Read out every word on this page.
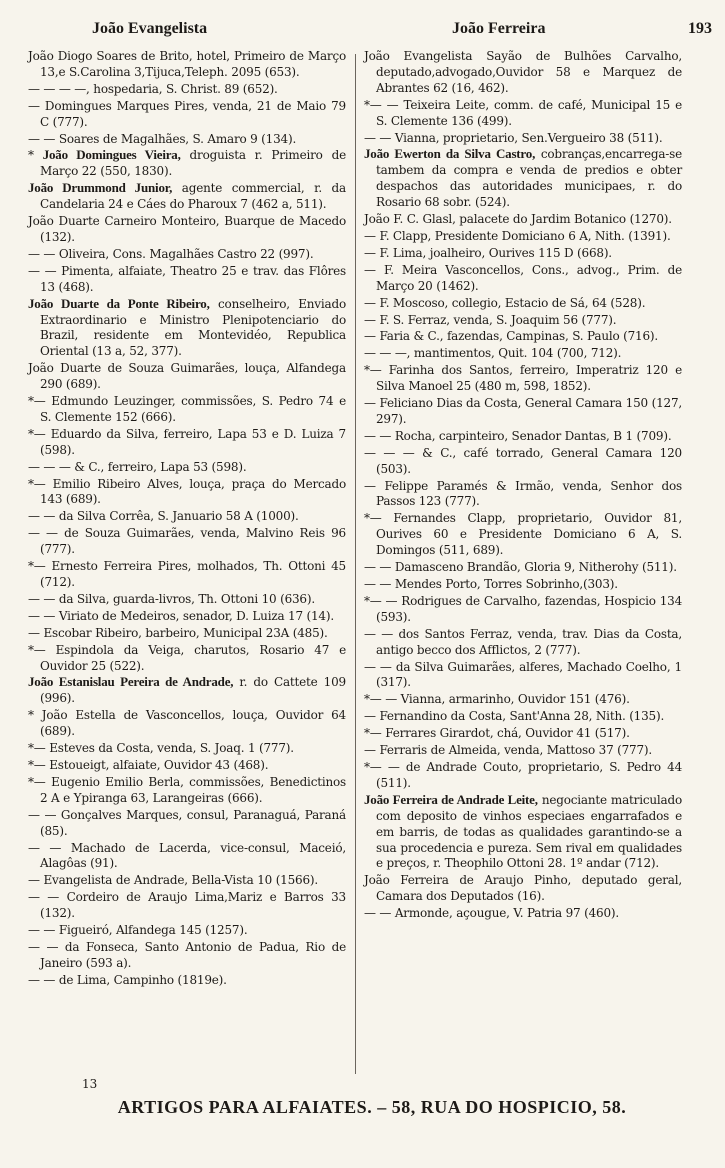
João Evangelista	João Ferreira	193

João Diogo Soares de Brito, hotel, Primeiro de Março 13,e S.Carolina 3,Tijuca,Teleph. 2095 (653).

— — — —, hospedaria, S. Christ. 89 (652).

— Domingues Marques Pires, venda, 21 de Maio 79 C (777).

— — Soares de Magalhães, S. Amaro 9 (134).

* João Domingues Vieira, droguista r. Primeiro de Março 22 (550, 1830).

João Drummond Junior, agente commercial, r. da Candelaria 24 e Cáes do Pharoux 7 (462 a, 511).

João Duarte Carneiro Monteiro, Buarque de Macedo (132).

— — Oliveira, Cons. Magalhães Castro 22 (997).

— — Pimenta, alfaiate, Theatro 25 e trav. das Flôres 13 (468).

João Duarte da Ponte Ribeiro, conselheiro, Enviado Extraordinario e Ministro Plenipotenciario do Brazil, residente em Montevidéo, Republica Oriental (13 a, 52, 377).

João Duarte de Souza Guimarães, louça, Alfandega 290 (689).

*— Edmundo Leuzinger, commissões, S. Pedro 74 e S. Clemente 152 (666).

*— Eduardo da Silva, ferreiro, Lapa 53 e D. Luiza 7 (598).

— — — & C., ferreiro, Lapa 53 (598).

*— Emilio Ribeiro Alves, louça, praça do Mercado 143 (689).

— — da Silva Corrêa, S. Januario 58 A (1000).

— — de Souza Guimarães, venda, Malvino Reis 96 (777).

*— Ernesto Ferreira Pires, molhados, Th. Ottoni 45 (712).

— — da Silva, guarda-livros, Th. Ottoni 10 (636).

— — Viriato de Medeiros, senador, D. Luiza 17 (14).

— Escobar Ribeiro, barbeiro, Municipal 23A (485).

*— Espindola da Veiga, charutos, Rosario 47 e Ouvidor 25 (522).

João Estanislau Pereira de Andrade, r. do Cattete 109 (996).

* João Estella de Vasconcellos, louça, Ouvidor 64 (689).

*— Esteves da Costa, venda, S. Joaq. 1 (777).

*— Estoueigt, alfaiate, Ouvidor 43 (468).

*— Eugenio Emilio Berla, commissões, Benedictinos 2 A e Ypiranga 63, Larangeiras (666).

— — Gonçalves Marques, consul, Paranaguá, Paraná (85).

— — Machado de Lacerda, vice-consul, Maceió, Alagôas (91).

— Evangelista de Andrade, Bella-Vista 10 (1566).

— — Cordeiro de Araujo Lima,Mariz e Barros 33 (132).

— — Figueiró, Alfandega 145 (1257).

— — da Fonseca, Santo Antonio de Padua, Rio de Janeiro (593 a).

— — de Lima, Campinho (1819e).

João Evangelista Sayão de Bulhões Carvalho, deputado,advogado,Ouvidor 58 e Marquez de Abrantes 62 (16, 462).

*— — Teixeira Leite, comm. de café, Municipal 15 e S. Clemente 136 (499).

— — Vianna, proprietario, Sen.Vergueiro 38 (511).

João Ewerton da Silva Castro, cobranças,encarrega-se tambem da compra e venda de predios e obter despachos das autoridades municipaes, r. do Rosario 68 sobr. (524).

João F. C. Glasl, palacete do Jardim Botanico (1270).

— F. Clapp, Presidente Domiciano 6 A, Nith. (1391).

— F. Lima, joalheiro, Ourives 115 D (668).

— F. Meira Vasconcellos, Cons., advog., Prim. de Março 20 (1462).

— F. Moscoso, collegio, Estacio de Sá, 64 (528).

— F. S. Ferraz, venda, S. Joaquim 56 (777).

— Faria & C., fazendas, Campinas, S. Paulo (716).

— — —, mantimentos, Quit. 104 (700, 712).

*— Farinha dos Santos, ferreiro, Imperatriz 120 e Silva Manoel 25 (480 m, 598, 1852).

— Feliciano Dias da Costa, General Camara 150 (127, 297).

— — Rocha, carpinteiro, Senador Dantas, B 1 (709).

— — — & C., café torrado, General Camara 120 (503).

— Felippe Paramés & Irmão, venda, Senhor dos Passos 123 (777).

*— Fernandes Clapp, proprietario, Ouvidor 81, Ourives 60 e Presidente Domiciano 6 A, S. Domingos (511, 689).

— — Damasceno Brandão, Gloria 9, Nitherohy (511).

— — Mendes Porto, Torres Sobrinho,(303).

*— — Rodrigues de Carvalho, fazendas, Hospicio 134 (593).

— — dos Santos Ferraz, venda, trav. Dias da Costa, antigo becco dos Afflictos, 2 (777).

— — da Silva Guimarães, alferes, Machado Coelho, 1 (317).

*— — Vianna, armarinho, Ouvidor 151 (476).

— Fernandino da Costa, Sant'Anna 28, Nith. (135).

*— Ferrares Girardot, chá, Ouvidor 41 (517).

— Ferraris de Almeida, venda, Mattoso 37 (777).

*— — de Andrade Couto, proprietario, S. Pedro 44 (511).

João Ferreira de Andrade Leite, negociante matriculado com deposito de vinhos especiaes engarrafados e em barris, de todas as qualidades garantindo-se a sua procedencia e pureza. Sem rival em qualidades e preços, r. Theophilo Ottoni 28. 1º andar (712).

João Ferreira de Araujo Pinho, deputado geral, Camara dos Deputados (16).

— — Armonde, açougue, V. Patria 97 (460).

13
ARTIGOS PARA ALFAIATES. – 58, RUA DO HOSPICIO, 58.
